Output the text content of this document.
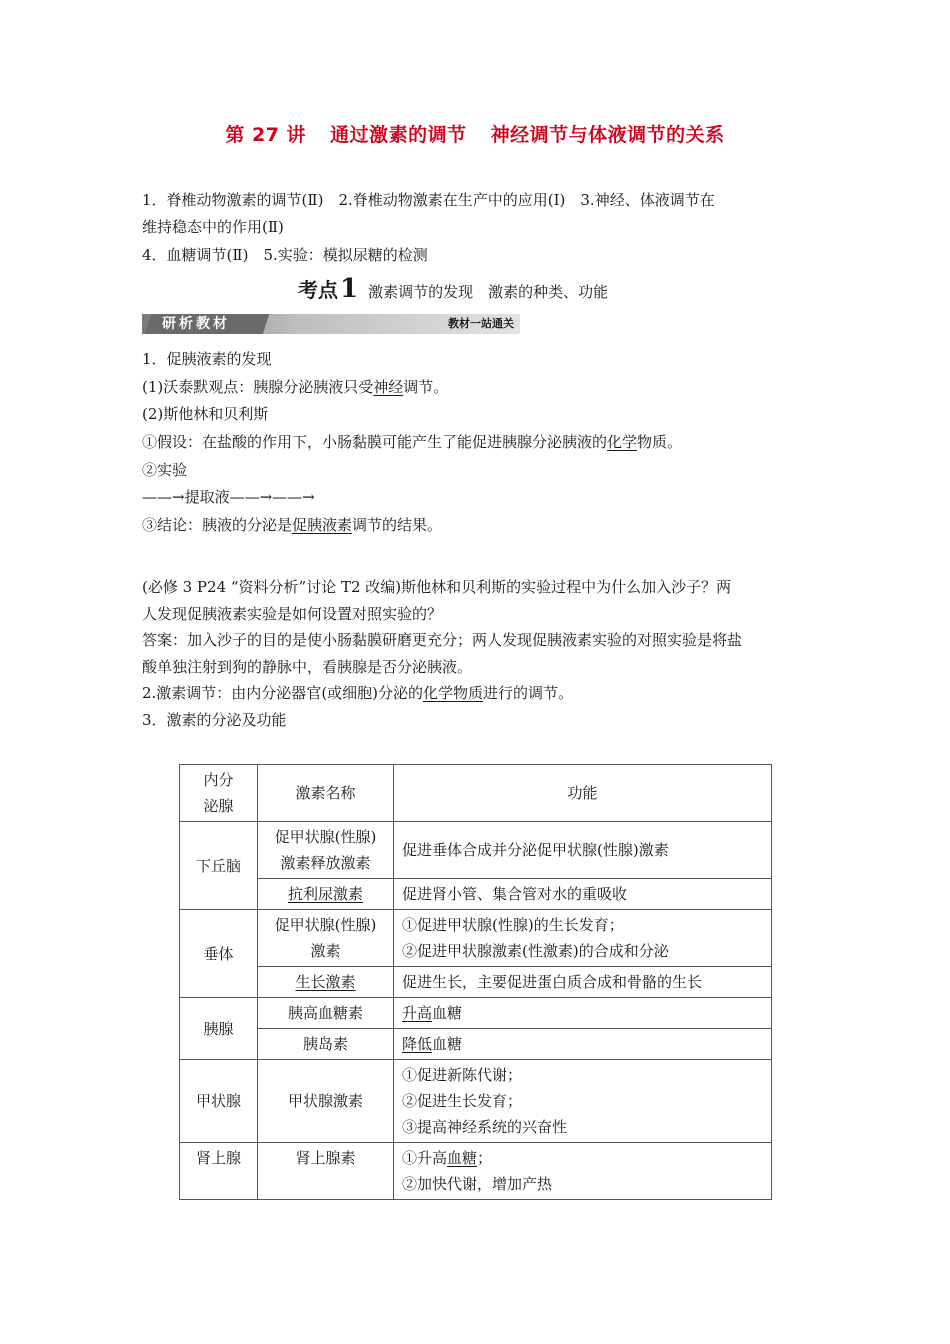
第 27 讲 通过激素的调节 神经调节与体液调节的关系
1．脊椎动物激素的调节(Ⅱ)　2.脊椎动物激素在生产中的应用(Ⅰ)　3.神经、体液调节在
维持稳态中的作用(Ⅱ)
4．血糖调节(Ⅱ)　5.实验：模拟尿糖的检测
考点1 激素调节的发现　激素的种类、功能
研析教材	教材一站通关
1．促胰液素的发现
(1)沃泰默观点：胰腺分泌胰液只受神经调节。
(2)斯他林和贝利斯
①假设：在盐酸的作用下，小肠黏膜可能产生了能促进胰腺分泌胰液的化学物质。
②实验
——→提取液——→——→
③结论：胰液的分泌是促胰液素调节的结果。
(必修 3 P24 “资料分析”讨论 T2 改编)斯他林和贝利斯的实验过程中为什么加入沙子？两
人发现促胰液素实验是如何设置对照实验的？
答案：加入沙子的目的是使小肠黏膜研磨更充分；两人发现促胰液素实验的对照实验是将盐
酸单独注射到狗的静脉中，看胰腺是否分泌胰液。
2.激素调节：由内分泌器官(或细胞)分泌的化学物质进行的调节。
3．激素的分泌及功能
内分
泌腺	激素名称	功能
下丘脑	促甲状腺(性腺)
激素释放激素	促进垂体合成并分泌促甲状腺(性腺)激素
	抗利尿激素	促进肾小管、集合管对水的重吸收
垂体	促甲状腺(性腺)
激素	①促进甲状腺(性腺)的生长发育；
②促进甲状腺激素(性激素)的合成和分泌
	生长激素	促进生长，主要促进蛋白质合成和骨骼的生长
胰腺	胰高血糖素	升高血糖
	胰岛素	降低血糖
甲状腺	甲状腺激素	①促进新陈代谢；
②促进生长发育；
③提高神经系统的兴奋性
肾上腺	肾上腺素	①升高血糖；
②加快代谢，增加产热
